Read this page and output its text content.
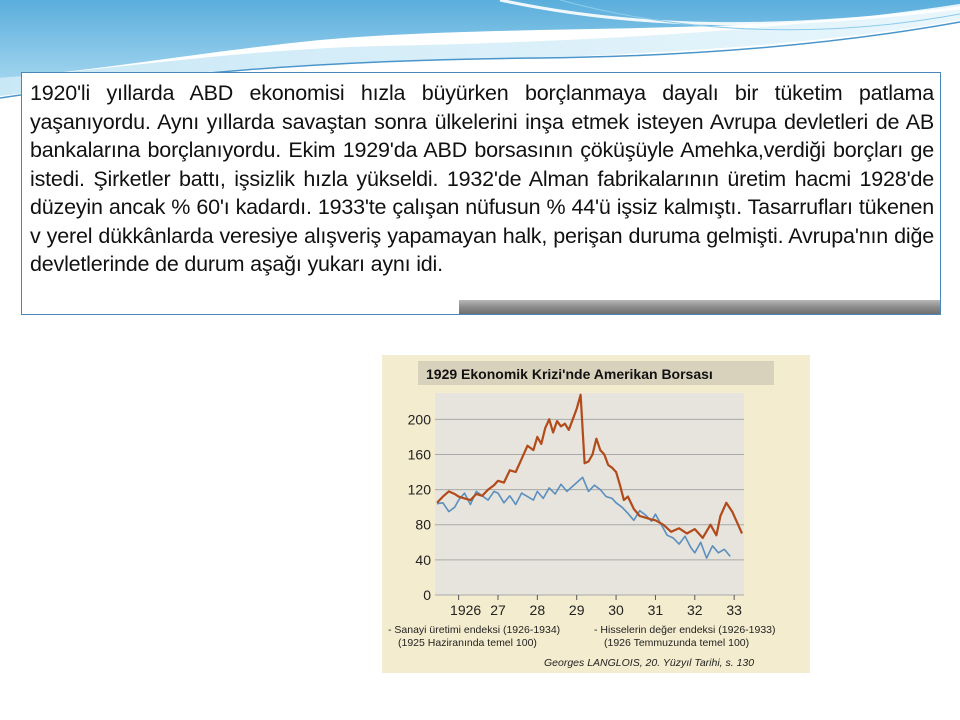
1920'li yıllarda ABD ekonomisi hızla büyürken borçlanmaya dayalı bir tüketim patlama yaşanıyordu. Aynı yıllarda savaştan sonra ülkelerini inşa etmek isteyen Avrupa devletleri de AB bankalarına borçlanıyordu. Ekim 1929'da ABD borsasının çöküşüyle Amehka,verdiği borçları ge istedi. Şirketler battı, işsizlik hızla yükseldi. 1932'de Alman fabrikalarının üretim hacmi 1928'de düzeyin ancak % 60'ı kadardı. 1933'te çalışan nüfusun % 44'ü işsiz kalmıştı. Tasarrufları tükenen v yerel dükkânlarda veresiye alışveriş yapamayan halk, perişan duruma gelmişti. Avrupa'nın diğe devletlerinde de durum aşağı yukarı aynı idi.

1929 Ekonomik Krizi'nde Amerikan Borsası
0
40
80
120
160
200
1926 27 28 29 30 31 32 33
- Sanayi üretimi endeksi (1926-1934)
(1925 Haziranında temel 100)
- Hisselerin değer endeksi (1926-1933)
(1926 Temmuzunda temel 100)
Georges LANGLOIS, 20. Yüzyıl Tarihi, s. 130
